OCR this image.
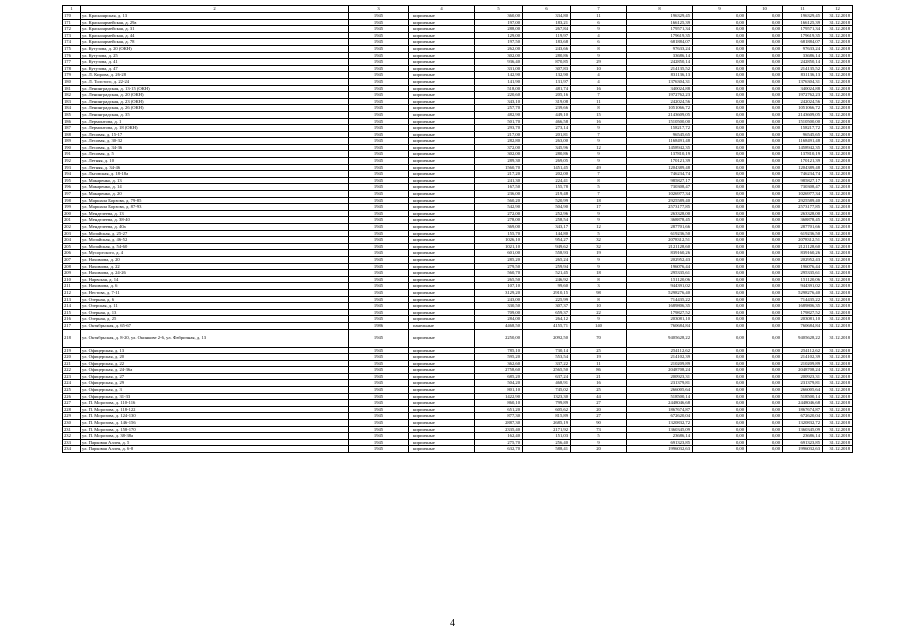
1	2	3	4	5	6	7	8	9	10	11	12
170	ул. Красноярская, д. 13	1945	кирпичные	360,00	334,80	11	196329,45	0,00	0,00	196329,45	31.12.2018
171	ул. Красноармейская, д. 29а	1945	кирпичные	197,00	183,21	6	166125,39	0,00	0,00	166125,39	31.12.2018
172	ул. Красноармейская, д. 31	1945	кирпичные	288,00	267,84	9	179571,34	0,00	0,00	179571,34	31.12.2018
173	ул. Красноармейская, д. 44	1945	кирпичные	129,00	119,97	4	179619,35	0,00	0,00	179619,35	31.12.2018
174	ул. Красноармейская, д. 78	1945	кирпичные	197,50	183,68	6	681884,07	0,00	0,00	681884,07	31.12.2018
175	ул. Кутузова, д. 20 (ОКН)	1945	кирпичные	262,00	243,66	8	97633,24	0,00	0,00	97633,24	31.12.2018
176	ул. Кутузова, д. 25	1945	кирпичные	302,00	280,86	9	33686,14	0,00	0,00	33686,14	31.12.2018
177	ул. Кутузова, д. 41	1945	кирпичные	936,40	870,85	29	242850,14	0,00	0,00	242850,14	31.12.2018
178	ул. Кутузова, д. 47	1945	кирпичные	331,00	307,83	10	214135,52	0,00	0,00	214135,52	31.12.2018
179	ул. Л. Кирова, д. 26-28	1945	кирпичные	142,90	132,90	4	831136,13	0,00	0,00	831136,13	31.12.2018
180	ул. Л. Толстого, д. 22-24	1945	кирпичные	141,90	131,97	4	1376304,31	0,00	0,00	1376304,31	31.12.2018
181	ул. Ленинградская, д. 13-15 (ОКН)	1945	кирпичные	518,00	481,74	16	340024,88	0,00	0,00	340024,88	31.12.2018
182	ул. Ленинградская, д. 20 (ОКН)	1945	кирпичные	220,60	205,16	7	1972762,23	0,00	0,00	1972762,23	31.12.2018
183	ул. Ленинградская, д. 23 (ОКН)	1945	кирпичные	343,10	319,08	11	242024,56	0,00	0,00	242024,56	31.12.2018
184	ул. Ленинградская, д. 26 (ОКН)	1945	кирпичные	257,70	239,66	8	1051066,72	0,00	0,00	1051066,72	31.12.2018
185	ул. Ленинградская, д. 35	1945	кирпичные	482,90	449,10	15	2143609,05	0,00	0,00	2143609,05	31.12.2018
186	ул. Лермонтова, д. 1	1945	кирпичные	501,70	466,58	16	1510500,00	0,00	0,00	1510500,00	31.12.2018
187	ул. Лермонтова, д. 18 (ОКН)	1945	кирпичные	293,70	273,14	9	158217,72	0,00	0,00	158217,72	31.12.2018
188	ул. Лесовая, д. 15-17	1945	кирпичные	217,00	201,81	7	96545,65	0,00	0,00	96545,65	31.12.2018
189	ул. Лесовая, д. 30-32	1945	кирпичные	282,80	263,00	9	1168491,48	0,00	0,00	1168491,48	31.12.2018
190	ул. Лесовая, д. 34-36	1945	кирпичные	372,00	345,96	12	1458942,35	0,00	0,00	1458942,35	31.12.2018
191	ул. Лесовая, д. 5	1945	кирпичные	302,00	280,86	9	137810,19	0,00	0,00	137810,19	31.12.2018
192	ул. Летняя, д. 10	1945	кирпичные	289,30	269,05	9	170121,39	0,00	0,00	170121,39	31.12.2018
193	ул. Летняя, д. 34-46	1945	кирпичные	1560,70	1451,45	49	1204389,48	0,00	0,00	1204389,48	31.12.2018
194	ул. Льговская, д. 18-18а	1945	кирпичные	217,20	202,00	7	746234,74	0,00	0,00	746234,74	31.12.2018
195	ул. Макаренко, д. 13	1945	кирпичные	241,30	224,41	8	985827,17	0,00	0,00	985827,17	31.12.2018
196	ул. Макаренко, д. 14	1945	кирпичные	167,50	155,78	5	730308,47	0,00	0,00	730308,47	31.12.2018
197	ул. Макаренко, д. 20	1945	кирпичные	236,00	219,48	7	1026977,34	0,00	0,00	1026977,34	31.12.2018
198	ул. Маршала Борзова, д. 79-85	1945	кирпичные	560,20	520,99	18	2925589,40	0,00	0,00	2925589,40	31.12.2018
199	ул. Маршала Борзова, д. 87-93	1945	кирпичные	542,90	504,90	17	2573177,85	0,00	0,00	2573177,85	31.12.2018
200	ул. Менделеева, д. 13	1945	кирпичные	272,00	252,96	9	263328,00	0,00	0,00	263328,00	31.12.2018
201	ул. Менделеева, д. 38-40	1945	кирпичные	278,00	258,54	9	368878,45	0,00	0,00	368878,45	31.12.2018
202	ул. Менделеева, д. 40а	1945	кирпичные	369,00	343,17	12	287701,66	0,00	0,00	287701,66	31.12.2018
203	ул. Мозайская, д. 25-27	1945	кирпичные	155,70	144,80	5	619236,50	0,00	0,00	619236,50	31.12.2018
204	ул. Мозайская, д. 46-52	1945	кирпичные	1026,10	954,27	32	2078312,51	0,00	0,00	2078312,51	31.12.2018
205	ул. Мозайская, д. 54-60	1945	кирпичные	1021,10	949,62	32	2121128,60	0,00	0,00	2121128,60	31.12.2018
206	ул. Мусоргского, д. 4	1945	кирпичные	601,00	558,93	19	839160,26	0,00	0,00	839160,26	31.12.2018
207	ул. Нахимова, д. 20	1945	кирпичные	285,20	265,24	9	202952,43	0,00	0,00	202952,43	31.12.2018
208	ул. Нахимова, д. 22	1945	кирпичные	279,50	259,94	9	196076,44	0,00	0,00	196076,44	31.12.2018
209	ул. Нахимова, д. 24-26	1945	кирпичные	560,70	521,45	18	295335,61	0,00	0,00	295335,61	31.12.2018
210	ул. Нарвская, д. 14	1945	кирпичные	265,50	246,92	8	151120,06	0,00	0,00	151120,06	31.12.2018
211	ул. Нахимова, д. 6	1945	кирпичные	107,10	99,60	3	944391,02	0,00	0,00	944391,02	31.12.2018
212	ул. Нестова, д. 7-11	1945	кирпичные	3129,20	2910,15	98	5298276,40	0,00	0,00	5298276,40	31.12.2018
213	ул. Озерная, д. 6	1945	кирпичные	243,00	225,99	8	714435,22	0,00	0,00	714435,22	31.12.2018
214	ул. Озерская, д. 11	1945	кирпичные	330,50	307,37	10	1689806,35	0,00	0,00	1689806,35	31.12.2018
215	ул. Озерная, д. 13	1945	кирпичные	709,00	659,37	22	179827,52	0,00	0,00	179827,52	31.12.2018
216	ул. Озерная, д. 25	1945	кирпичные	284,00	264,12	9	203081,10	0,00	0,00	203081,10	31.12.2018
217	ул. Октябрьская, д. 65-67	1986	панельные	4468,50	4155,71	140	760684,84	0,00	0,00	760684,84	31.12.2018
218	ул. Октябрьская, д. 8-20, ул. Окинкове 2-6, ул. Фабричная, д. 13	1945	кирпичные	2250,00	2092,50	70	9405628,22	0,00	0,00	9405628,22	31.12.2018
219	ул. Офицерская, д. 13	1945	кирпичные	785,10	730,14	25	254112,62	0,00	0,00	254112,62	31.12.2018
220	ул. Офицерская, д. 20	1945	кирпичные	595,20	553,54	19	214102,39	0,00	0,00	214102,39	31.12.2018
221	ул. Офицерская, д. 22	1945	кирпичные	362,60	337,22	11	210209,89	0,00	0,00	210209,89	31.12.2018
222	ул. Офицерская, д. 24-36а	1945	кирпичные	2758,60	2565,50	86	2048708,24	0,00	0,00	2048708,24	31.12.2018
223	ул. Офицерская, д. 27	1945	кирпичные	685,20	637,24	21	200923,31	0,00	0,00	200923,31	31.12.2018
224	ул. Офицерская, д. 29	1945	кирпичные	504,20	468,91	16	231379,81	0,00	0,00	231379,81	31.12.2018
225	ул. Офицерская, д. 3	1945	кирпичные	801,10	745,02	25	266005,64	0,00	0,00	266005,64	31.12.2018
226	ул. Офицерская, д. 31-33	1945	кирпичные	1422,90	1323,30	44	518500,14	0,00	0,00	518500,14	31.12.2018
227	ул. П. Морозова, д. 110-116	1945	кирпичные	860,10	799,89	27	2448046,68	0,00	0,00	2448046,68	31.12.2018
228	ул. П. Морозова, д. 118-122	1945	кирпичные	651,20	605,62	20	1867674,87	0,00	0,00	1867674,87	31.12.2018
229	ул. П. Морозова, д. 124-130	1945	кирпичные	877,30	815,89	27	672620,04	0,00	0,00	672620,04	31.12.2018
230	ул. П. Морозова, д. 146-156	1945	кирпичные	2887,30	2685,19	90	1320832,72	0,00	0,00	1320832,72	31.12.2018
231	ул. П. Морозова, д. 158-170	1945	кирпичные	2335,40	2171,92	73	1360345,09	0,00	0,00	1360345,09	31.12.2018
232	ул. П. Морозова, д. 38-38а	1945	кирпичные	162,40	151,03	5	23686,14	0,00	0,00	23686,14	31.12.2018
233	ул. Парковая Аллея, д. 5	1945	кирпичные	275,70	256,40	9	691323,85	0,00	0,00	691323,85	31.12.2018
234	ул. Парковая Аллея, д. 6-8	1945	кирпичные	632,70	588,41	20	1996032,63	0,00	0,00	1996032,63	31.12.2018
4
